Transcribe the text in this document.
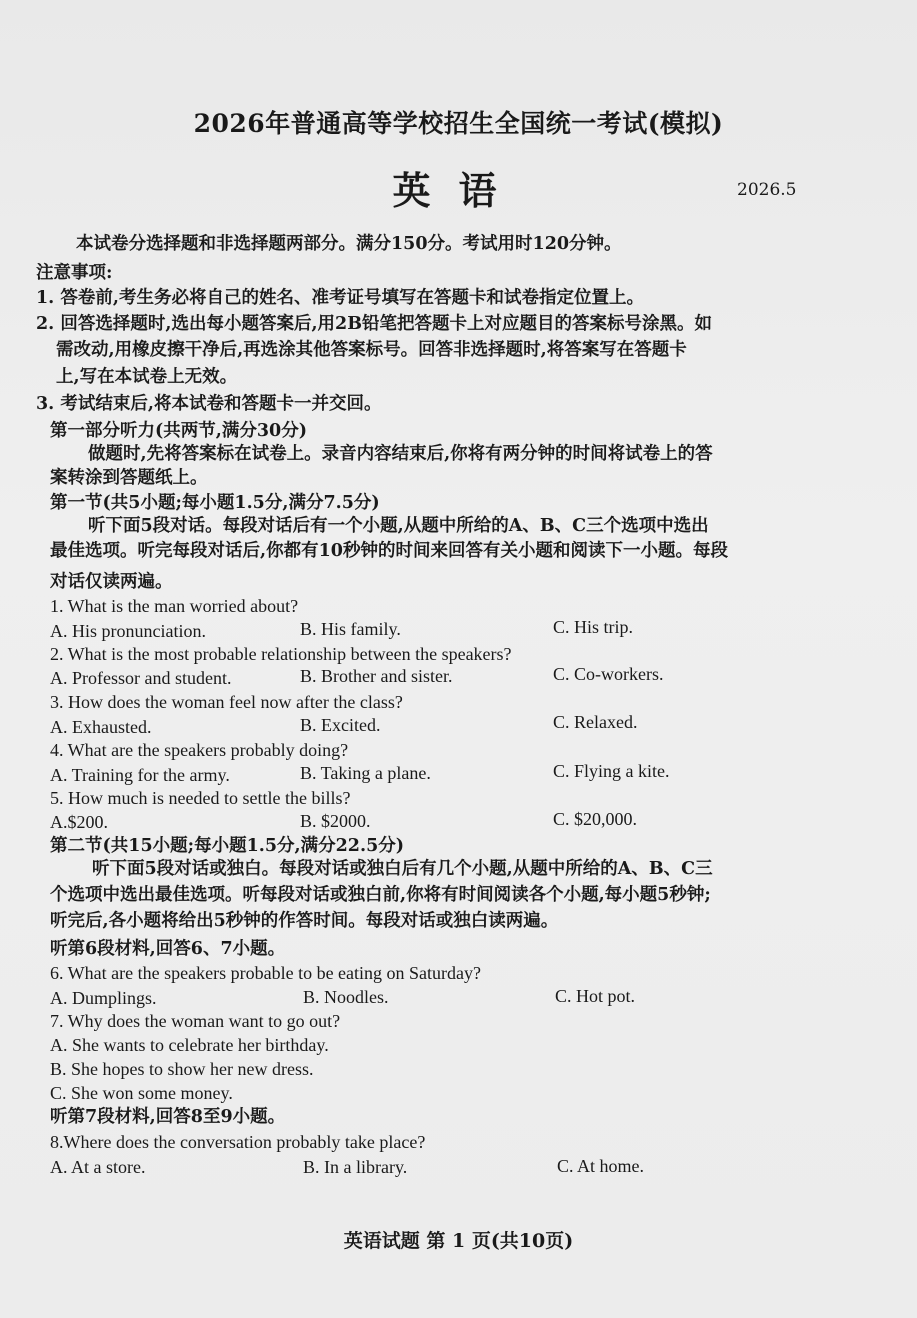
2026年普通高等学校招生全国统一考试(模拟)
英语	2026.5
本试卷分选择题和非选择题两部分。满分150分。考试用时120分钟。
注意事项:
1. 答卷前,考生务必将自己的姓名、准考证号填写在答题卡和试卷指定位置上。
2. 回答选择题时,选出每小题答案后,用2B铅笔把答题卡上对应题目的答案标号涂黑。如
需改动,用橡皮擦干净后,再选涂其他答案标号。回答非选择题时,将答案写在答题卡
上,写在本试卷上无效。
3. 考试结束后,将本试卷和答题卡一并交回。
第一部分听力(共两节,满分30分)
做题时,先将答案标在试卷上。录音内容结束后,你将有两分钟的时间将试卷上的答
案转涂到答题纸上。
第一节(共5小题;每小题1.5分,满分7.5分)
听下面5段对话。每段对话后有一个小题,从题中所给的A、B、C三个选项中选出
最佳选项。听完每段对话后,你都有10秒钟的时间来回答有关小题和阅读下一小题。每段
对话仅读两遍。
1. What is the man worried about?
A. His pronunciation.	B. His family.	C. His trip.
2. What is the most probable relationship between the speakers?
A. Professor and student.	B. Brother and sister.	C. Co-workers.
3. How does the woman feel now after the class?
A. Exhausted.	B. Excited.	C. Relaxed.
4. What are the speakers probably doing?
A. Training for the army.	B. Taking a plane.	C. Flying a kite.
5. How much is needed to settle the bills?
A.$200.	B. $2000.	C. $20,000.
第二节(共15小题;每小题1.5分,满分22.5分)
听下面5段对话或独白。每段对话或独白后有几个小题,从题中所给的A、B、C三
个选项中选出最佳选项。听每段对话或独白前,你将有时间阅读各个小题,每小题5秒钟;
听完后,各小题将给出5秒钟的作答时间。每段对话或独白读两遍。
听第6段材料,回答6、7小题。
6. What are the speakers probable to be eating on Saturday?
A. Dumplings.	B. Noodles.	C. Hot pot.
7. Why does the woman want to go out?
A. She wants to celebrate her birthday.
B. She hopes to show her new dress.
C. She won some money.
听第7段材料,回答8至9小题。
8.Where does the conversation probably take place?
A. At a store.	B. In a library.	C. At home.
英语试题 第 1 页(共10页)
